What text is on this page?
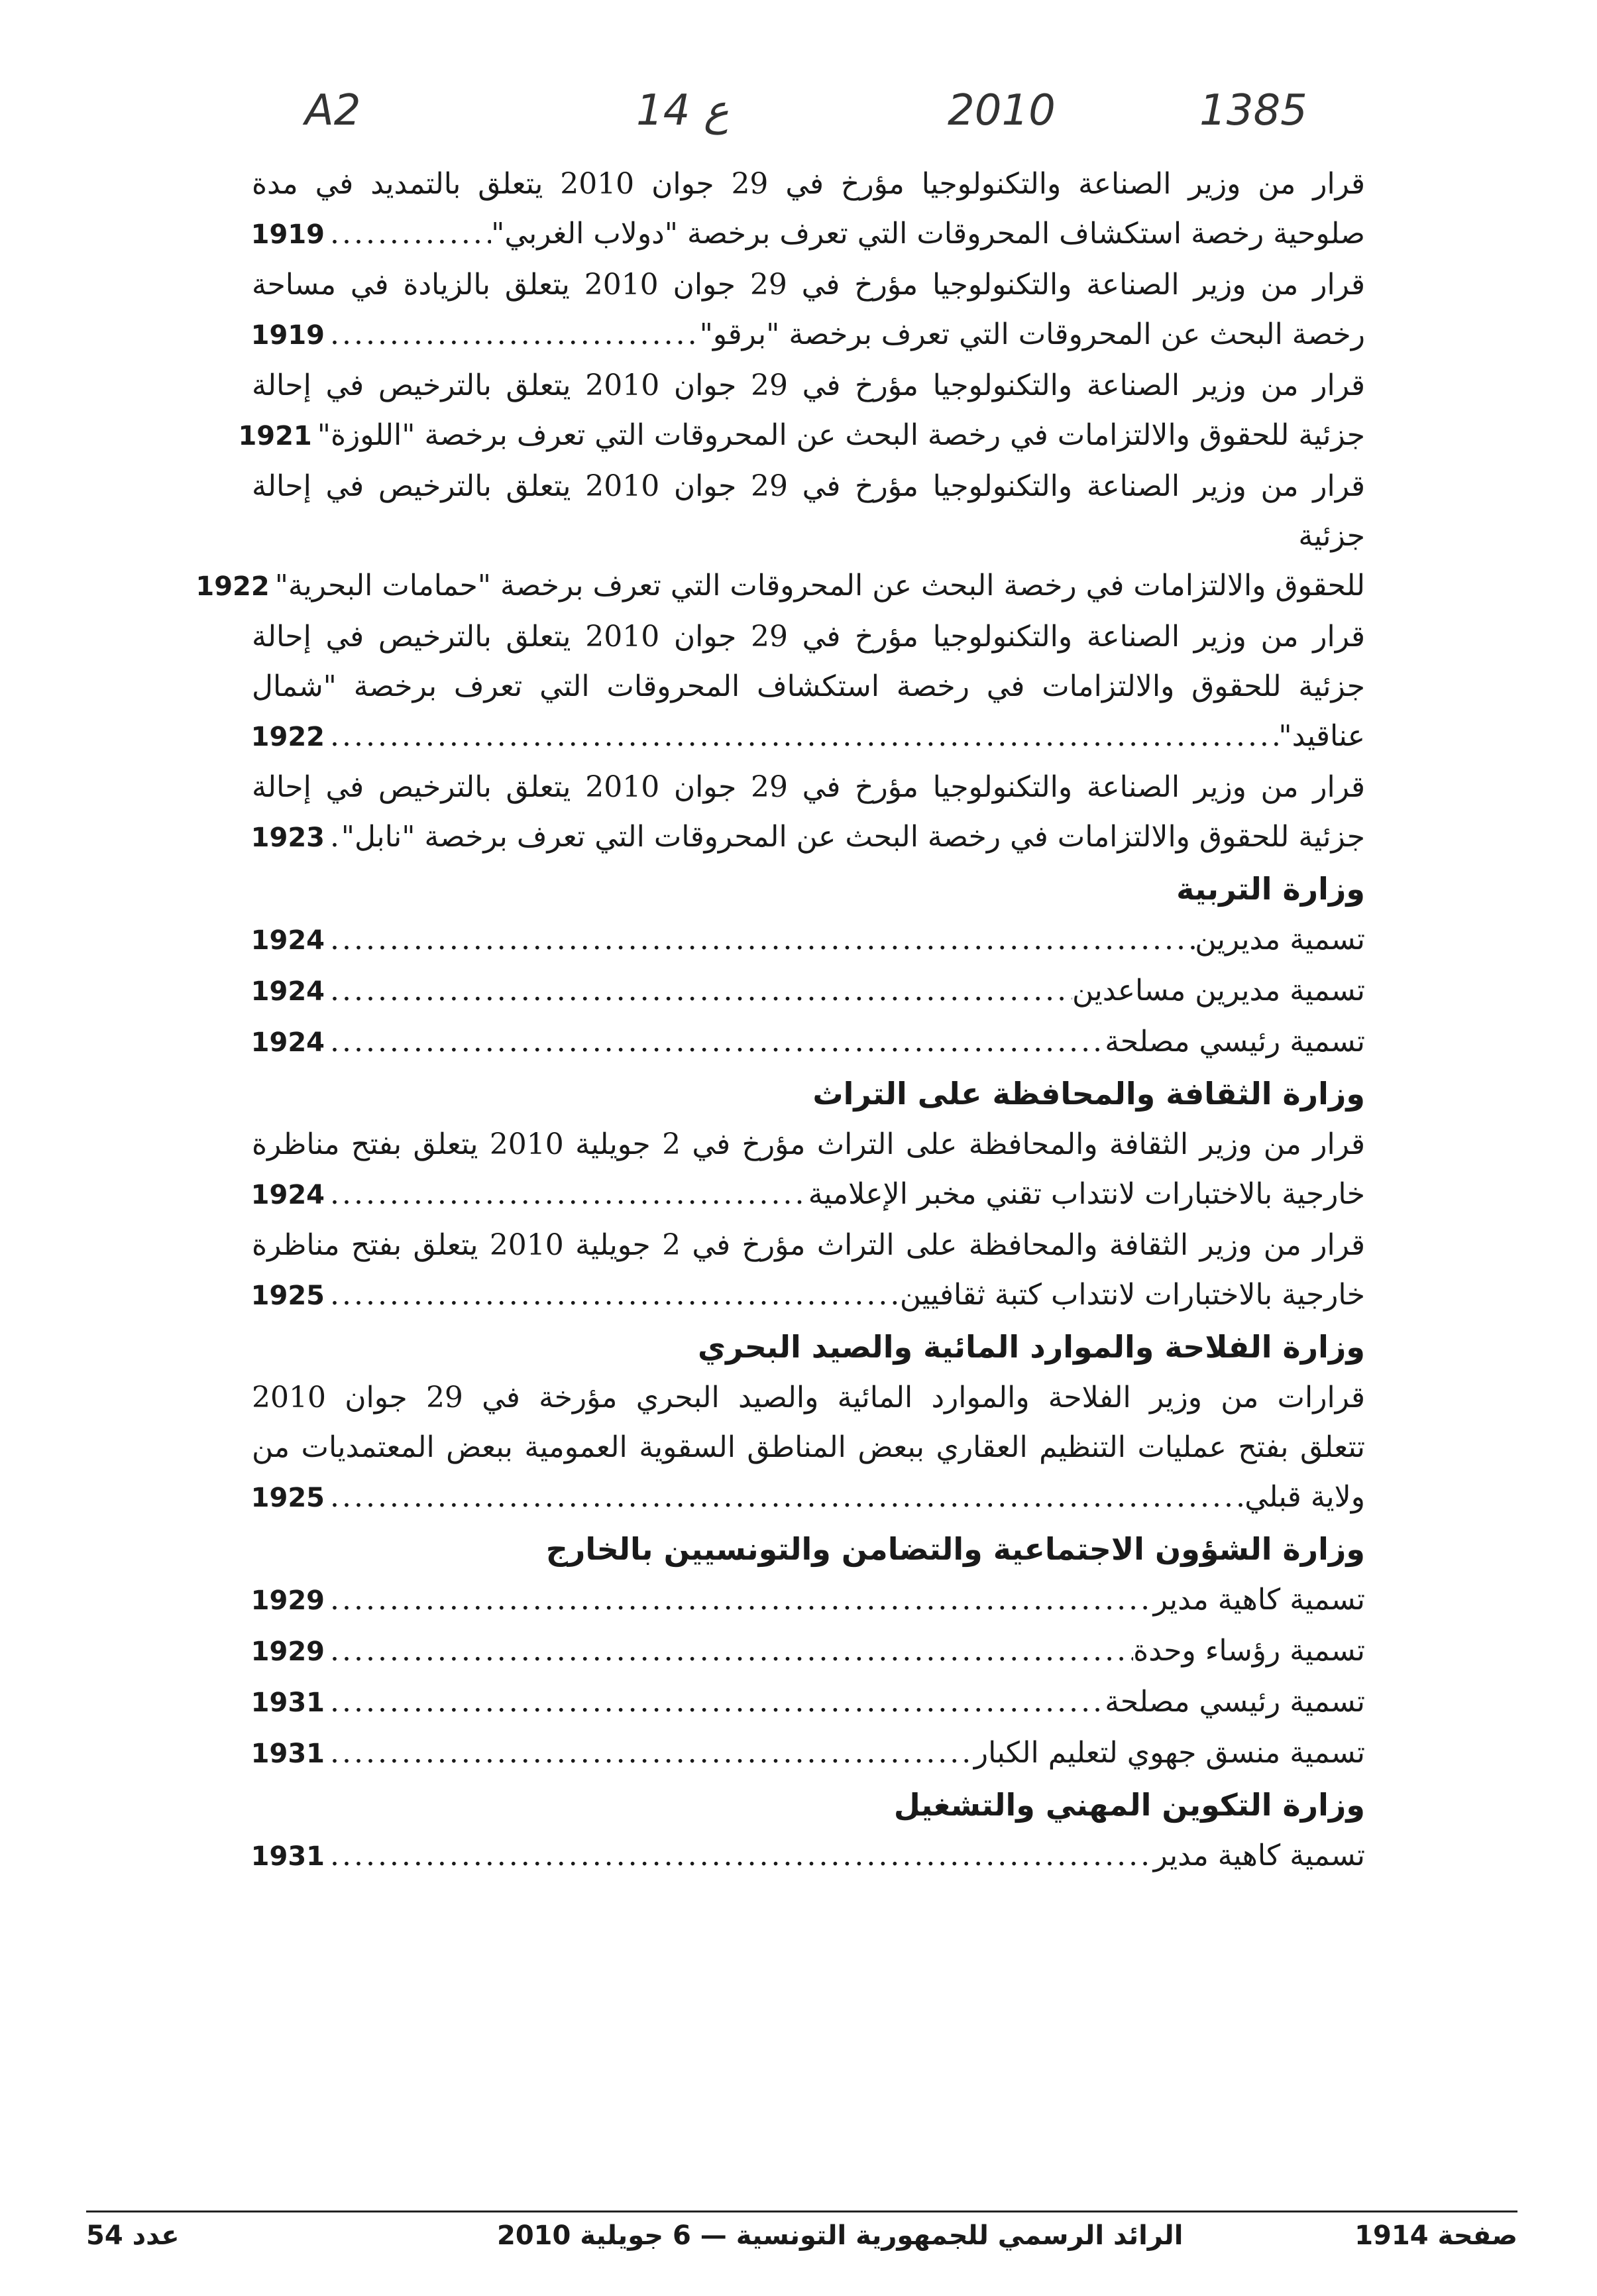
1385
2010
ع 14
A2

قرار من وزير الصناعة والتكنولوجيا مؤرخ في 29 جوان 2010 يتعلق بالتمديد في مدة

صلوحية رخصة استكشاف المحروقات التي تعرف برخصة "دولاب الغربي"
.....
1919

قرار من وزير الصناعة والتكنولوجيا مؤرخ في 29 جوان 2010 يتعلق بالزيادة في مساحة

رخصة البحث عن المحروقات التي تعرف برخصة "برقو"
.....
1919

قرار من وزير الصناعة والتكنولوجيا مؤرخ في 29 جوان 2010 يتعلق بالترخيص في إحالة

جزئية للحقوق والالتزامات في رخصة البحث عن المحروقات التي تعرف برخصة "اللوزة"
1921

قرار من وزير الصناعة والتكنولوجيا مؤرخ في 29 جوان 2010 يتعلق بالترخيص في إحالة جزئية

للحقوق والالتزامات في رخصة البحث عن المحروقات التي تعرف برخصة "حمامات البحرية"
1922

قرار من وزير الصناعة والتكنولوجيا مؤرخ في 29 جوان 2010 يتعلق بالترخيص في إحالة

جزئية للحقوق والالتزامات في رخصة استكشاف المحروقات التي تعرف برخصة "شمال

عناقيد"
.....
1922

قرار من وزير الصناعة والتكنولوجيا مؤرخ في 29 جوان 2010 يتعلق بالترخيص في إحالة

جزئية للحقوق والالتزامات في رخصة البحث عن المحروقات التي تعرف برخصة "نابل"
.....
1923
وزارة التربية
تسمية مديرين
.....
1924
تسمية مديرين مساعدين
.....
1924
تسمية رئيسي مصلحة
.....
1924
وزارة الثقافة والمحافظة على التراث

قرار من وزير الثقافة والمحافظة على التراث مؤرخ في 2 جويلية 2010 يتعلق بفتح مناظرة

خارجية بالاختبارات لانتداب تقني مخبر الإعلامية
.....
1924

قرار من وزير الثقافة والمحافظة على التراث مؤرخ في 2 جويلية 2010 يتعلق بفتح مناظرة

خارجية بالاختبارات لانتداب كتبة ثقافيين
.....
1925
وزارة الفلاحة والموارد المائية والصيد البحري

قرارات من وزير الفلاحة والموارد المائية والصيد البحري مؤرخة في 29 جوان 2010

تتعلق بفتح عمليات التنظيم العقاري ببعض المناطق السقوية العمومية ببعض المعتمديات من

ولاية قبلي
.....
1925
وزارة الشؤون الاجتماعية والتضامن والتونسيين بالخارج
تسمية كاهية مدير
.....
1929
تسمية رؤساء وحدة
.....
1929
تسمية رئيسي مصلحة
.....
1931
تسمية منسق جهوي لتعليم الكبار
.....
1931
وزارة التكوين المهني والتشغيل
تسمية كاهية مدير
.....
1931
صفحة 1914
الرائد الرسمي للجمهورية التونسية — 6 جويلية 2010
عدد 54
